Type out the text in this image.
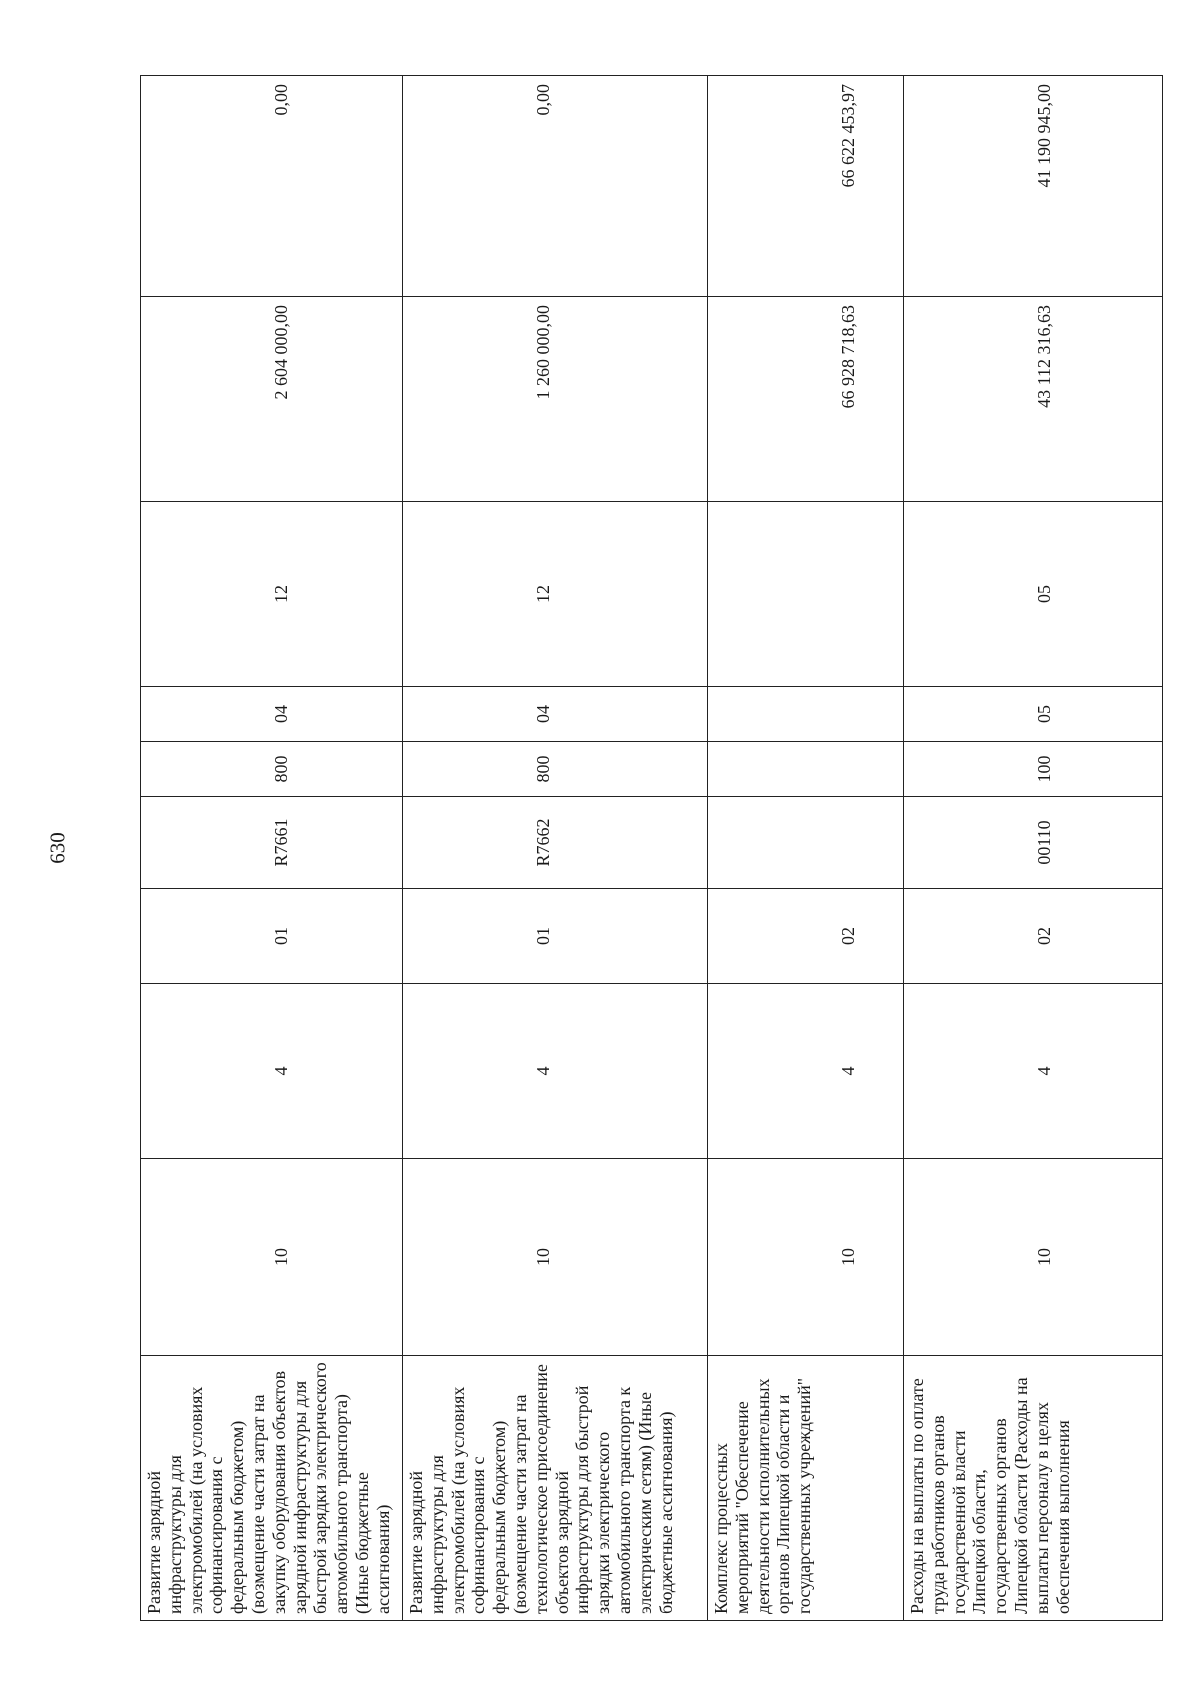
630
Развитие зарядной инфраструктуры для электромобилей (на условиях софинансирования с федеральным бюджетом) (возмещение части затрат на закупку оборудования объектов зарядной инфраструктуры для быстрой зарядки электрического автомобильного транспорта) (Иные бюджетные ассигнования)	10	4	01	R7661	800	04	12	2 604 000,00	0,00	
Развитие зарядной инфраструктуры для электромобилей (на условиях софинансирования с федеральным бюджетом) (возмещение части затрат на технологическое присоединение объектов зарядной инфраструктуры для быстрой зарядки электрического автомобильного транспорта к электрическим сетям) (Иные бюджетные ассигнования)	10	4	01	R7662	800	04	12	1 260 000,00	0,00	
Комплекс процессных мероприятий "Обеспечение деятельности исполнительных органов Липецкой области и государственных учреждений"	10	4	02					66 928 718,63	66 622 453,97	
Расходы на выплаты по оплате труда работников органов государственной власти Липецкой области, государственных органов Липецкой области (Расходы на выплаты персоналу в целях обеспечения выполнения	10	4	02	00110	100	05	05	43 112 316,63	41 190 945,00	
